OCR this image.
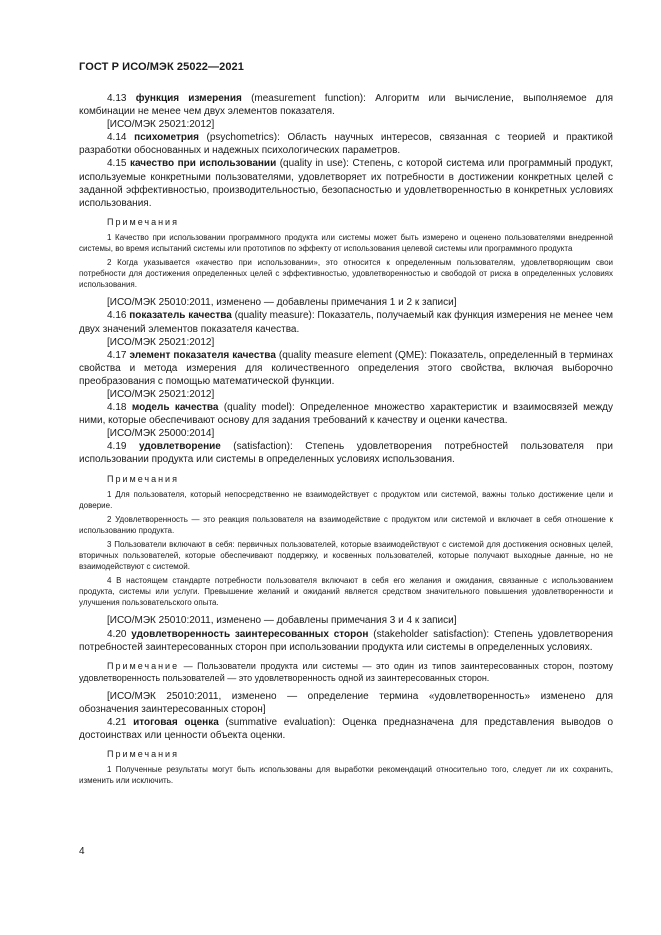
ГОСТ Р ИСО/МЭК 25022—2021

4.13 функция измерения (measurement function): Алгоритм или вычисление, выполняемое для комбинации не менее чем двух элементов показателя.

[ИСО/МЭК 25021:2012]

4.14 психометрия (psychometrics): Область научных интересов, связанная с теорией и практикой разработки обоснованных и надежных психологических параметров.

4.15 качество при использовании (quality in use): Степень, с которой система или программный продукт, используемые конкретными пользователями, удовлетворяет их потребности в достижении конкретных целей с заданной эффективностью, производительностью, безопасностью и удовлетворенностью в конкретных условиях использования.

Примечания

1 Качество при использовании программного продукта или системы может быть измерено и оценено пользователями внедренной системы, во время испытаний системы или прототипов по эффекту от использования целевой системы или программного продукта

2 Когда указывается «качество при использовании», это относится к определенным пользователям, удовлетворяющим свои потребности для достижения определенных целей с эффективностью, удовлетворенностью и свободой от риска в определенных условиях использования.

[ИСО/МЭК 25010:2011, изменено — добавлены примечания 1 и 2 к записи]

4.16 показатель качества (quality measure): Показатель, получаемый как функция измерения не менее чем двух значений элементов показателя качества.

[ИСО/МЭК 25021:2012]

4.17 элемент показателя качества (quality measure element (QME): Показатель, определенный в терминах свойства и метода измерения для количественного определения этого свойства, включая выборочно преобразования с помощью математической функции.

[ИСО/МЭК 25021:2012]

4.18 модель качества (quality model): Определенное множество характеристик и взаимосвязей между ними, которые обеспечивают основу для задания требований к качеству и оценки качества.

[ИСО/МЭК 25000:2014]

4.19 удовлетворение (satisfaction): Степень удовлетворения потребностей пользователя при использовании продукта или системы в определенных условиях использования.

Примечания

1 Для пользователя, который непосредственно не взаимодействует с продуктом или системой, важны только достижение цели и доверие.

2 Удовлетворенность — это реакция пользователя на взаимодействие с продуктом или системой и включает в себя отношение к использованию продукта.

3 Пользователи включают в себя: первичных пользователей, которые взаимодействуют с системой для достижения основных целей, вторичных пользователей, которые обеспечивают поддержку, и косвенных пользователей, которые получают выходные данные, но не взаимодействуют с системой.

4 В настоящем стандарте потребности пользователя включают в себя его желания и ожидания, связанные с использованием продукта, системы или услуги. Превышение желаний и ожиданий является средством значительного повышения удовлетворенности и улучшения пользовательского опыта.

[ИСО/МЭК 25010:2011, изменено — добавлены примечания 3 и 4 к записи]

4.20 удовлетворенность заинтересованных сторон (stakeholder satisfaction): Степень удовлетворения потребностей заинтересованных сторон при использовании продукта или системы в определенных условиях.

Примечание — Пользователи продукта или системы — это один из типов заинтересованных сторон, поэтому удовлетворенность пользователей — это удовлетворенность одной из заинтересованных сторон.

[ИСО/МЭК 25010:2011, изменено — определение термина «удовлетворенность» изменено для обозначения заинтересованных сторон]

4.21 итоговая оценка (summative evaluation): Оценка предназначена для представления выводов о достоинствах или ценности объекта оценки.

Примечания

1 Полученные результаты могут быть использованы для выработки рекомендаций относительно того, следует ли их сохранить, изменить или исключить.

4
